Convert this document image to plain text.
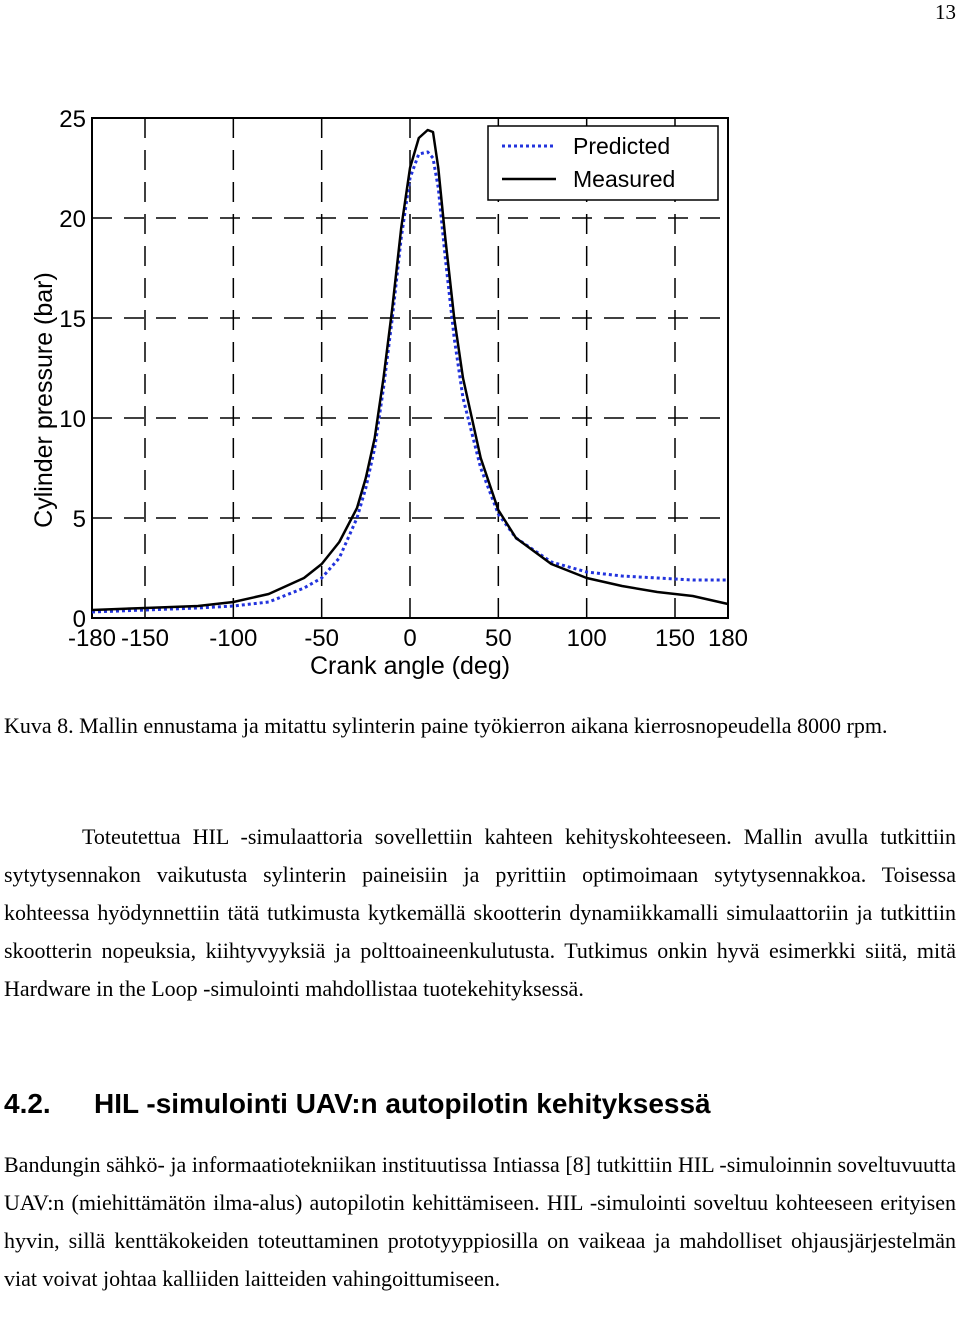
13
-180 -150 -100 -50	0	50 100 150 180
0
5
10
15
20
25
Crank angle (deg)
Cylinder pressure (bar)
Predicted
Measured
Kuva 8. Mallin ennustama ja mitattu sylinterin paine työkierron aikana kierrosnopeudella 8000 rpm.
Toteutettua HIL -simulaattoria sovellettiin kahteen kehityskohteeseen. Mallin avulla tutkittiin sytytysennakon vaikutusta sylinterin paineisiin ja pyrittiin optimoimaan sytytysennakkoa. Toisessa kohteessa hyödynnettiin tätä tutkimusta kytkemällä skootterin dynamiikkamalli simulaattoriin ja tutkittiin skootterin nopeuksia, kiihtyvyyksiä ja polttoaineenkulutusta. Tutkimus onkin hyvä esimerkki siitä, mitä Hardware in the Loop -simulointi mahdollistaa tuotekehityksessä.
4.2. HIL -simulointi UAV:n autopilotin kehityksessä
Bandungin sähkö- ja informaatiotekniikan instituutissa Intiassa [8] tutkittiin HIL -simuloinnin soveltuvuutta UAV:n (miehittämätön ilma-alus) autopilotin kehittämiseen. HIL -simulointi soveltuu kohteeseen erityisen hyvin, sillä kenttäkokeiden toteuttaminen prototyyppiosilla on vaikeaa ja mahdolliset ohjausjärjestelmän viat voivat johtaa kalliiden laitteiden vahingoittumiseen.
